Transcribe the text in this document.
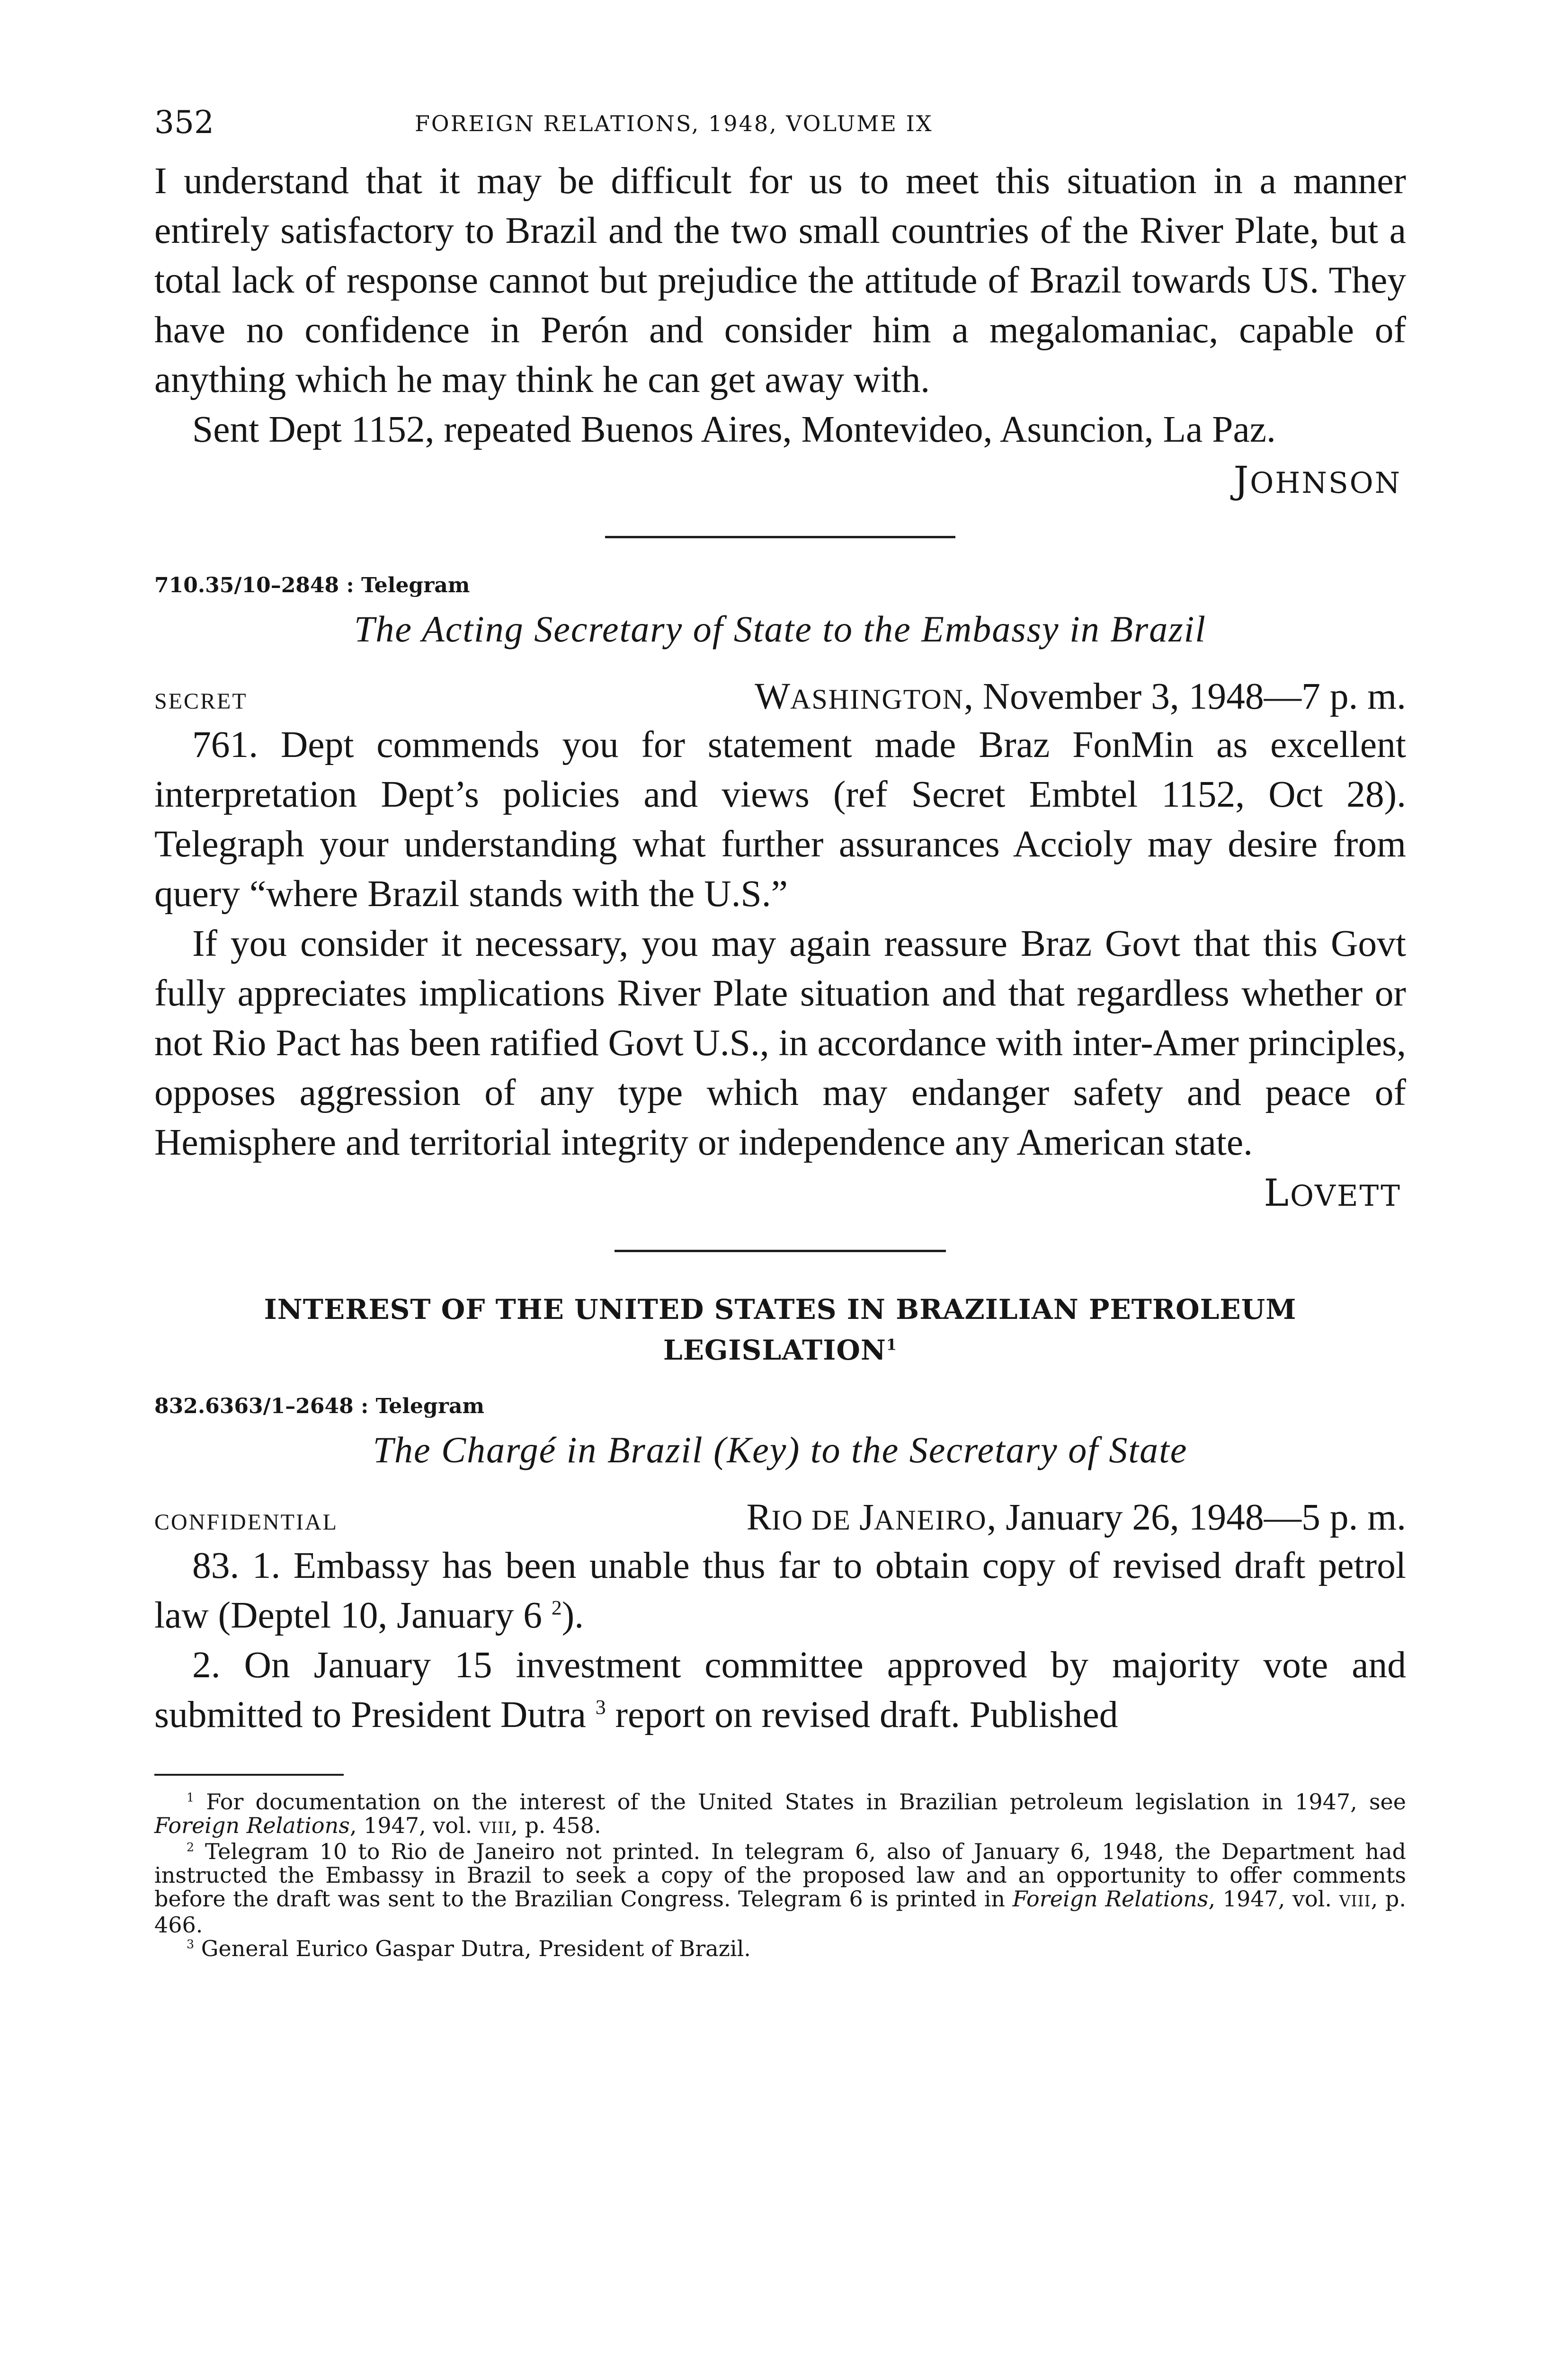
352	FOREIGN RELATIONS, 1948, VOLUME IX

I understand that it may be difficult for us to meet this situation in a manner entirely satisfactory to Brazil and the two small countries of the River Plate, but a total lack of response cannot but prejudice the attitude of Brazil towards US. They have no confidence in Perón and consider him a megalomaniac, capable of anything which he may think he can get away with.

Sent Dept 1152, repeated Buenos Aires, Montevideo, Asuncion, La Paz.

JOHNSON

710.35/10–2848 : Telegram

The Acting Secretary of State to the Embassy in Brazil

SECRET	WASHINGTON, November 3, 1948—7 p. m.

761. Dept commends you for statement made Braz FonMin as excellent interpretation Dept’s policies and views (ref Secret Embtel 1152, Oct 28). Telegraph your understanding what further assurances Accioly may desire from query “where Brazil stands with the U.S.”

If you consider it necessary, you may again reassure Braz Govt that this Govt fully appreciates implications River Plate situation and that regardless whether or not Rio Pact has been ratified Govt U.S., in accordance with inter-Amer principles, opposes aggression of any type which may endanger safety and peace of Hemisphere and territorial integrity or independence any American state.

LOVETT

INTEREST OF THE UNITED STATES IN BRAZILIAN PETROLEUM LEGISLATION$^1$

832.6363/1–2648 : Telegram

The Chargé in Brazil (Key) to the Secretary of State

CONFIDENTIAL	RIO DE JANEIRO, January 26, 1948—5 p. m.

83. 1. Embassy has been unable thus far to obtain copy of revised draft petrol law (Deptel 10, January 6 $^2$).

2. On January 15 investment committee approved by majority vote and submitted to President Dutra $^3$ report on revised draft. Published

$^1$ For documentation on the interest of the United States in Brazilian petroleum legislation in 1947, see Foreign Relations, 1947, vol. VIII, p. 458.

$^2$ Telegram 10 to Rio de Janeiro not printed. In telegram 6, also of January 6, 1948, the Department had instructed the Embassy in Brazil to seek a copy of the proposed law and an opportunity to offer comments before the draft was sent to the Brazilian Congress. Telegram 6 is printed in Foreign Relations, 1947, vol. VIII, p. 466.

$^3$ General Eurico Gaspar Dutra, President of Brazil.
